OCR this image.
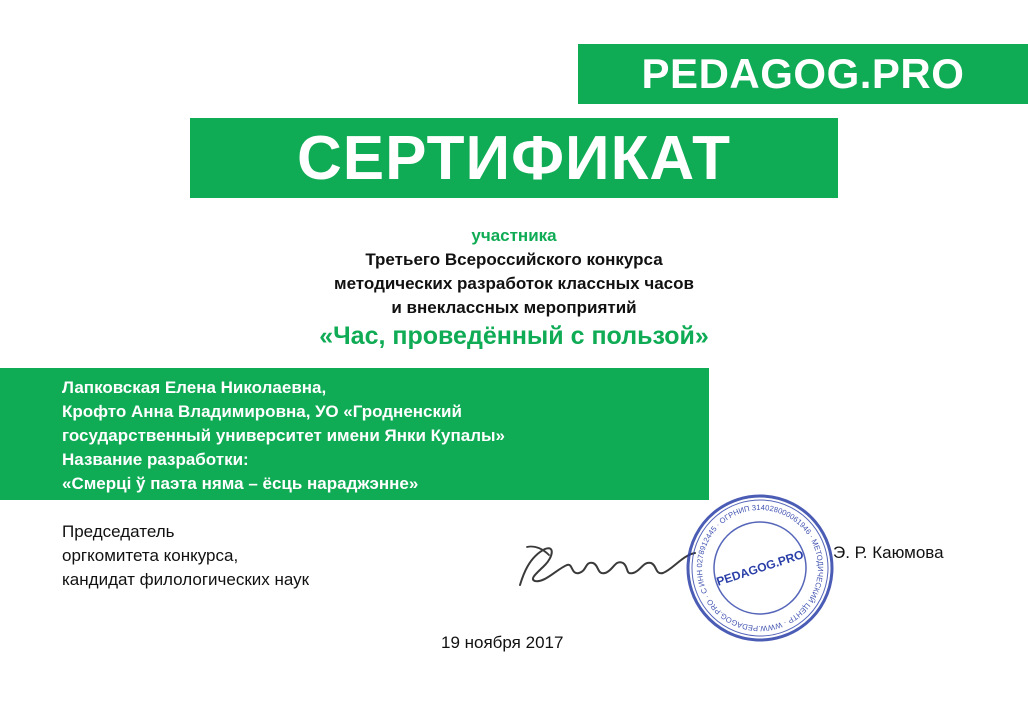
PEDAGOG.PRO
СЕРТИФИКАТ
участника
Третьего Всероссийского конкурса
методических разработок классных часов
и внеклассных мероприятий
«Час, проведённый с пользой»
Лапковская Елена Николаевна,
Крофто Анна Владимировна, УО «Гродненский
государственный университет имени Янки Купалы»
Название разработки:
«Смерці ў паэта няма – ёсць нараджэнне»
Председатель
оргкомитета конкурса,
кандидат филологических наук	ИНН 0278912445 · ОГРНИП 314028000061946 · МЕТОДИЧЕСКИЙ ЦЕНТР · WWW.PEDAGOG.PRO · СТЕРЛИТАМАК
PEDAGOG.PRO Э. Р. Каюмова
19 ноября 2017
